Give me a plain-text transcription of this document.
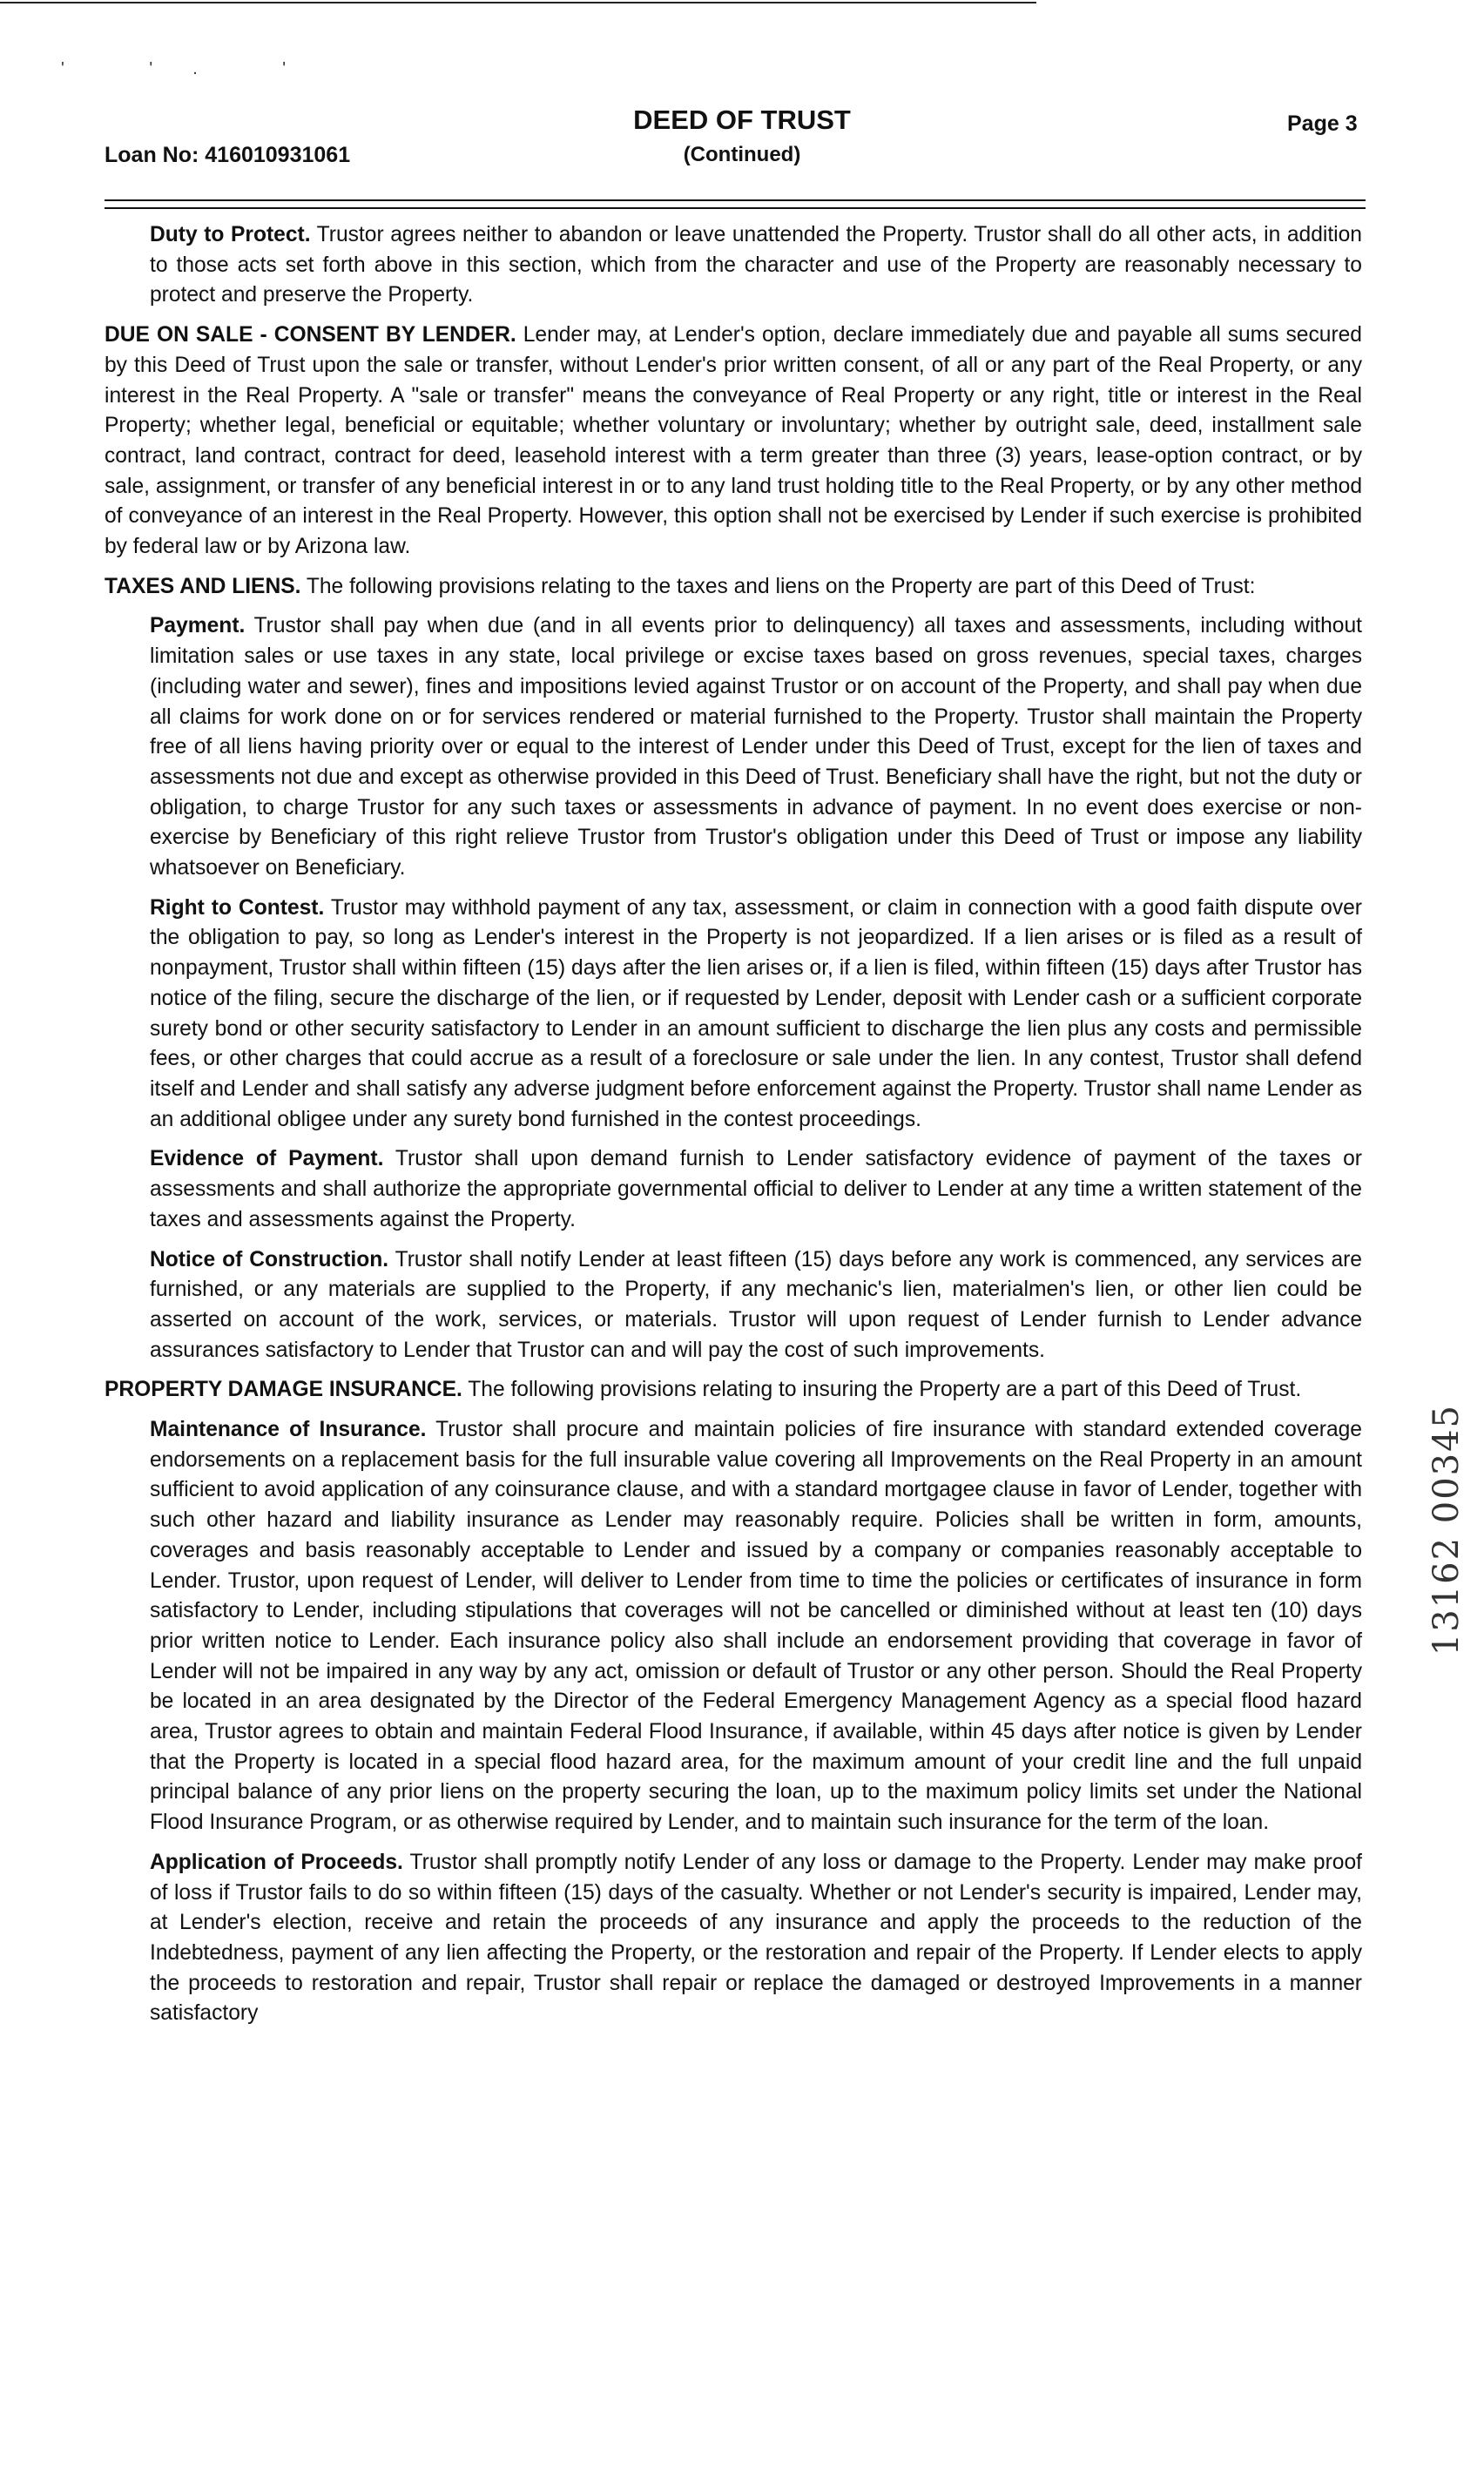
' '. '
DEED OF TRUST
(Continued)
Loan No: 416010931061
Page 3

Duty to Protect. Trustor agrees neither to abandon or leave unattended the Property. Trustor shall do all other acts, in addition to those acts set forth above in this section, which from the character and use of the Property are reasonably necessary to protect and preserve the Property.

DUE ON SALE - CONSENT BY LENDER. Lender may, at Lender's option, declare immediately due and payable all sums secured by this Deed of Trust upon the sale or transfer, without Lender's prior written consent, of all or any part of the Real Property, or any interest in the Real Property. A "sale or transfer" means the conveyance of Real Property or any right, title or interest in the Real Property; whether legal, beneficial or equitable; whether voluntary or involuntary; whether by outright sale, deed, installment sale contract, land contract, contract for deed, leasehold interest with a term greater than three (3) years, lease-option contract, or by sale, assignment, or transfer of any beneficial interest in or to any land trust holding title to the Real Property, or by any other method of conveyance of an interest in the Real Property. However, this option shall not be exercised by Lender if such exercise is prohibited by federal law or by Arizona law.

TAXES AND LIENS. The following provisions relating to the taxes and liens on the Property are part of this Deed of Trust:

Payment. Trustor shall pay when due (and in all events prior to delinquency) all taxes and assessments, including without limitation sales or use taxes in any state, local privilege or excise taxes based on gross revenues, special taxes, charges (including water and sewer), fines and impositions levied against Trustor or on account of the Property, and shall pay when due all claims for work done on or for services rendered or material furnished to the Property. Trustor shall maintain the Property free of all liens having priority over or equal to the interest of Lender under this Deed of Trust, except for the lien of taxes and assessments not due and except as otherwise provided in this Deed of Trust. Beneficiary shall have the right, but not the duty or obligation, to charge Trustor for any such taxes or assessments in advance of payment. In no event does exercise or non-exercise by Beneficiary of this right relieve Trustor from Trustor's obligation under this Deed of Trust or impose any liability whatsoever on Beneficiary.

Right to Contest. Trustor may withhold payment of any tax, assessment, or claim in connection with a good faith dispute over the obligation to pay, so long as Lender's interest in the Property is not jeopardized. If a lien arises or is filed as a result of nonpayment, Trustor shall within fifteen (15) days after the lien arises or, if a lien is filed, within fifteen (15) days after Trustor has notice of the filing, secure the discharge of the lien, or if requested by Lender, deposit with Lender cash or a sufficient corporate surety bond or other security satisfactory to Lender in an amount sufficient to discharge the lien plus any costs and permissible fees, or other charges that could accrue as a result of a foreclosure or sale under the lien. In any contest, Trustor shall defend itself and Lender and shall satisfy any adverse judgment before enforcement against the Property. Trustor shall name Lender as an additional obligee under any surety bond furnished in the contest proceedings.

Evidence of Payment. Trustor shall upon demand furnish to Lender satisfactory evidence of payment of the taxes or assessments and shall authorize the appropriate governmental official to deliver to Lender at any time a written statement of the taxes and assessments against the Property.

Notice of Construction. Trustor shall notify Lender at least fifteen (15) days before any work is commenced, any services are furnished, or any materials are supplied to the Property, if any mechanic's lien, materialmen's lien, or other lien could be asserted on account of the work, services, or materials. Trustor will upon request of Lender furnish to Lender advance assurances satisfactory to Lender that Trustor can and will pay the cost of such improvements.

PROPERTY DAMAGE INSURANCE. The following provisions relating to insuring the Property are a part of this Deed of Trust.

Maintenance of Insurance. Trustor shall procure and maintain policies of fire insurance with standard extended coverage endorsements on a replacement basis for the full insurable value covering all Improvements on the Real Property in an amount sufficient to avoid application of any coinsurance clause, and with a standard mortgagee clause in favor of Lender, together with such other hazard and liability insurance as Lender may reasonably require. Policies shall be written in form, amounts, coverages and basis reasonably acceptable to Lender and issued by a company or companies reasonably acceptable to Lender. Trustor, upon request of Lender, will deliver to Lender from time to time the policies or certificates of insurance in form satisfactory to Lender, including stipulations that coverages will not be cancelled or diminished without at least ten (10) days prior written notice to Lender. Each insurance policy also shall include an endorsement providing that coverage in favor of Lender will not be impaired in any way by any act, omission or default of Trustor or any other person. Should the Real Property be located in an area designated by the Director of the Federal Emergency Management Agency as a special flood hazard area, Trustor agrees to obtain and maintain Federal Flood Insurance, if available, within 45 days after notice is given by Lender that the Property is located in a special flood hazard area, for the maximum amount of your credit line and the full unpaid principal balance of any prior liens on the property securing the loan, up to the maximum policy limits set under the National Flood Insurance Program, or as otherwise required by Lender, and to maintain such insurance for the term of the loan.

Application of Proceeds. Trustor shall promptly notify Lender of any loss or damage to the Property. Lender may make proof of loss if Trustor fails to do so within fifteen (15) days of the casualty. Whether or not Lender's security is impaired, Lender may, at Lender's election, receive and retain the proceeds of any insurance and apply the proceeds to the reduction of the Indebtedness, payment of any lien affecting the Property, or the restoration and repair of the Property. If Lender elects to apply the proceeds to restoration and repair, Trustor shall repair or replace the damaged or destroyed Improvements in a manner satisfactory

13162 00345
